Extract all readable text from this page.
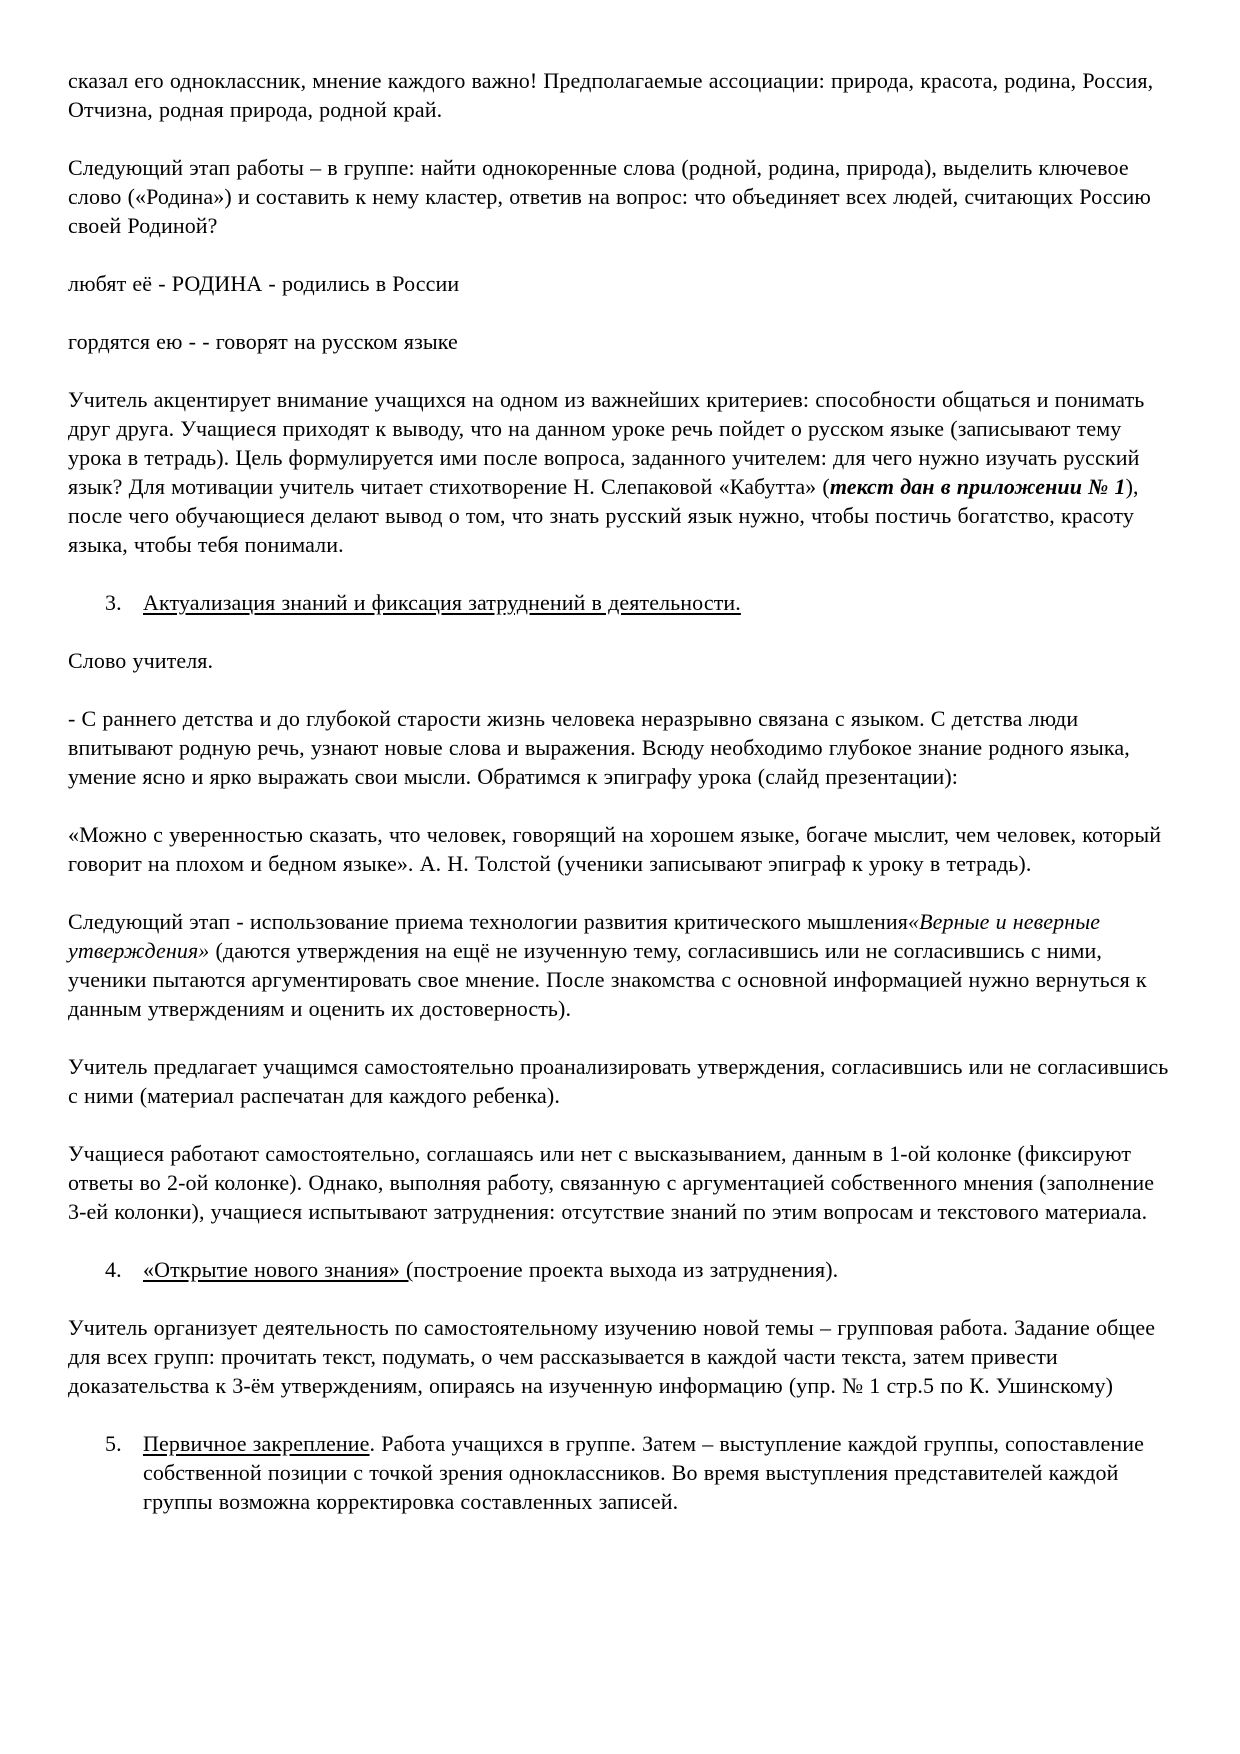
сказал его одноклассник, мнение каждого важно! Предполагаемые ассоциации: природа, красота, родина, Россия, Отчизна, родная природа, родной край.
Следующий этап работы – в группе: найти однокоренные слова (родной, родина, природа), выделить ключевое слово («Родина») и составить к нему кластер, ответив на вопрос: что объединяет всех людей, считающих Россию своей Родиной?
любят её - РОДИНА - родились в России
гордятся ею - - говорят на русском языке
Учитель акцентирует внимание учащихся на одном из важнейших критериев: способности общаться и понимать друг друга. Учащиеся приходят к выводу, что на данном уроке речь пойдет о русском языке (записывают тему урока в тетрадь). Цель формулируется ими после вопроса, заданного учителем: для чего нужно изучать русский язык? Для мотивации учитель читает стихотворение Н. Слепаковой «Кабутта» (текст дан в приложении № 1), после чего обучающиеся делают вывод о том, что знать русский язык нужно, чтобы постичь богатство, красоту языка, чтобы тебя понимали.
3. Актуализация знаний и фиксация затруднений в деятельности.
Слово учителя.
- С раннего детства и до глубокой старости жизнь человека неразрывно связана с языком. С детства люди впитывают родную речь, узнают новые слова и выражения. Всюду необходимо глубокое знание родного языка, умение ясно и ярко выражать свои мысли. Обратимся к эпиграфу урока (слайд презентации):
«Можно с уверенностью сказать, что человек, говорящий на хорошем языке, богаче мыслит, чем человек, который говорит на плохом и бедном языке». А. Н. Толстой (ученики записывают эпиграф к уроку в тетрадь).
Следующий этап - использование приема технологии развития критического мышления«Верные и неверные утверждения» (даются утверждения на ещё не изученную тему, согласившись или не согласившись с ними, ученики пытаются аргументировать свое мнение. После знакомства с основной информацией нужно вернуться к данным утверждениям и оценить их достоверность).
Учитель предлагает учащимся самостоятельно проанализировать утверждения, согласившись или не согласившись с ними (материал распечатан для каждого ребенка).
Учащиеся работают самостоятельно, соглашаясь или нет с высказыванием, данным в 1-ой колонке (фиксируют ответы во 2-ой колонке). Однако, выполняя работу, связанную с аргументацией собственного мнения (заполнение 3-ей колонки), учащиеся испытывают затруднения: отсутствие знаний по этим вопросам и текстового материала.
4. «Открытие нового знания» (построение проекта выхода из затруднения).
Учитель организует деятельность по самостоятельному изучению новой темы – групповая работа. Задание общее для всех групп: прочитать текст, подумать, о чем рассказывается в каждой части текста, затем привести доказательства к 3-ём утверждениям, опираясь на изученную информацию (упр. № 1 стр.5 по К. Ушинскому)
5. Первичное закрепление. Работа учащихся в группе. Затем – выступление каждой группы, сопоставление собственной позиции с точкой зрения одноклассников. Во время выступления представителей каждой группы возможна корректировка составленных записей.
